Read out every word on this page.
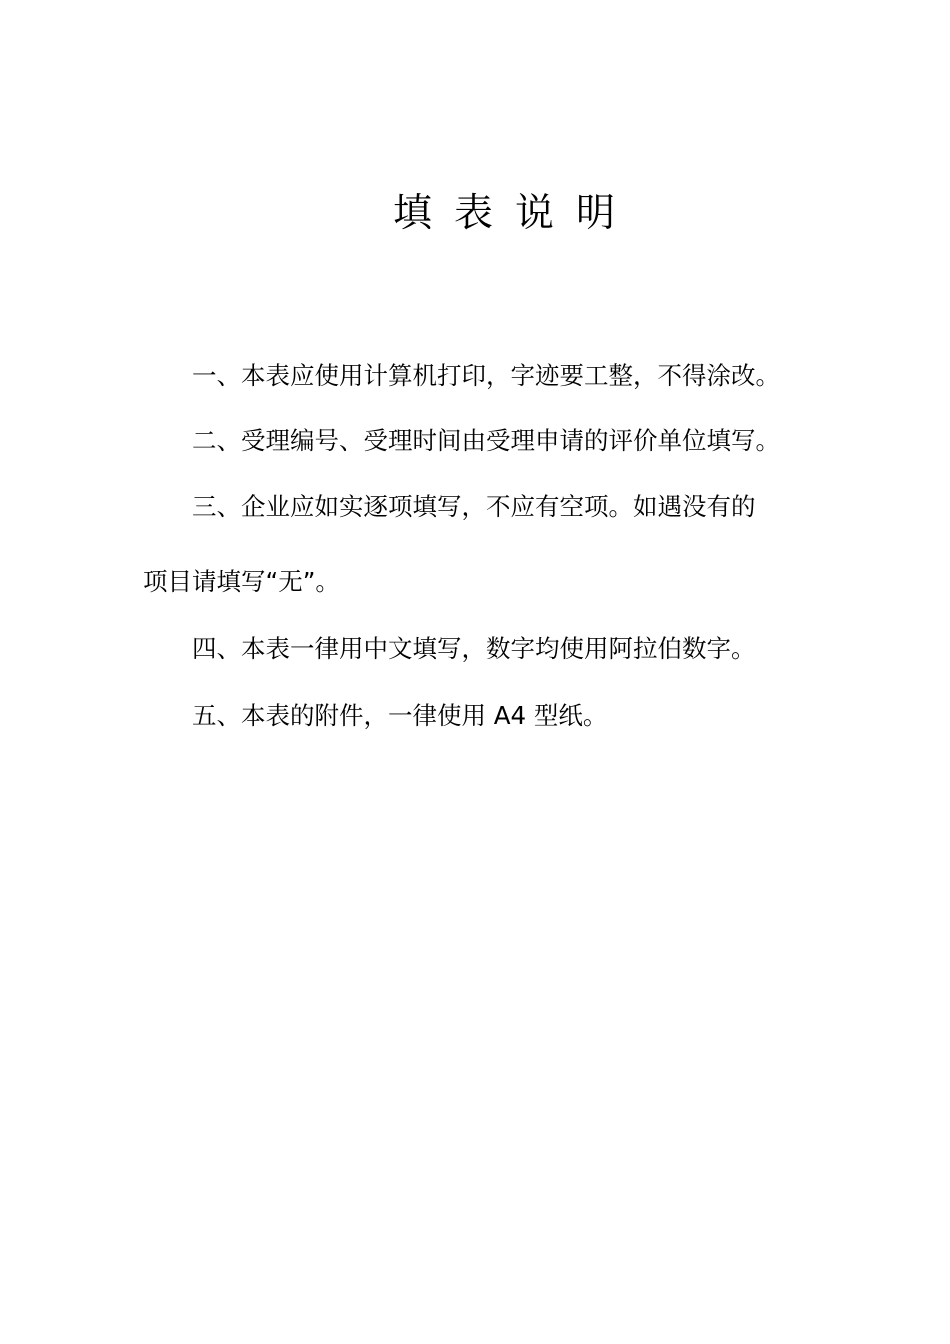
填表说明
一、本表应使用计算机打印，字迹要工整，不得涂改。
二、受理编号、受理时间由受理申请的评价单位填写。
三、企业应如实逐项填写，不应有空项。如遇没有的
项目请填写“无”。
四、本表一律用中文填写，数字均使用阿拉伯数字。
五、本表的附件，一律使用 A4 型纸。
